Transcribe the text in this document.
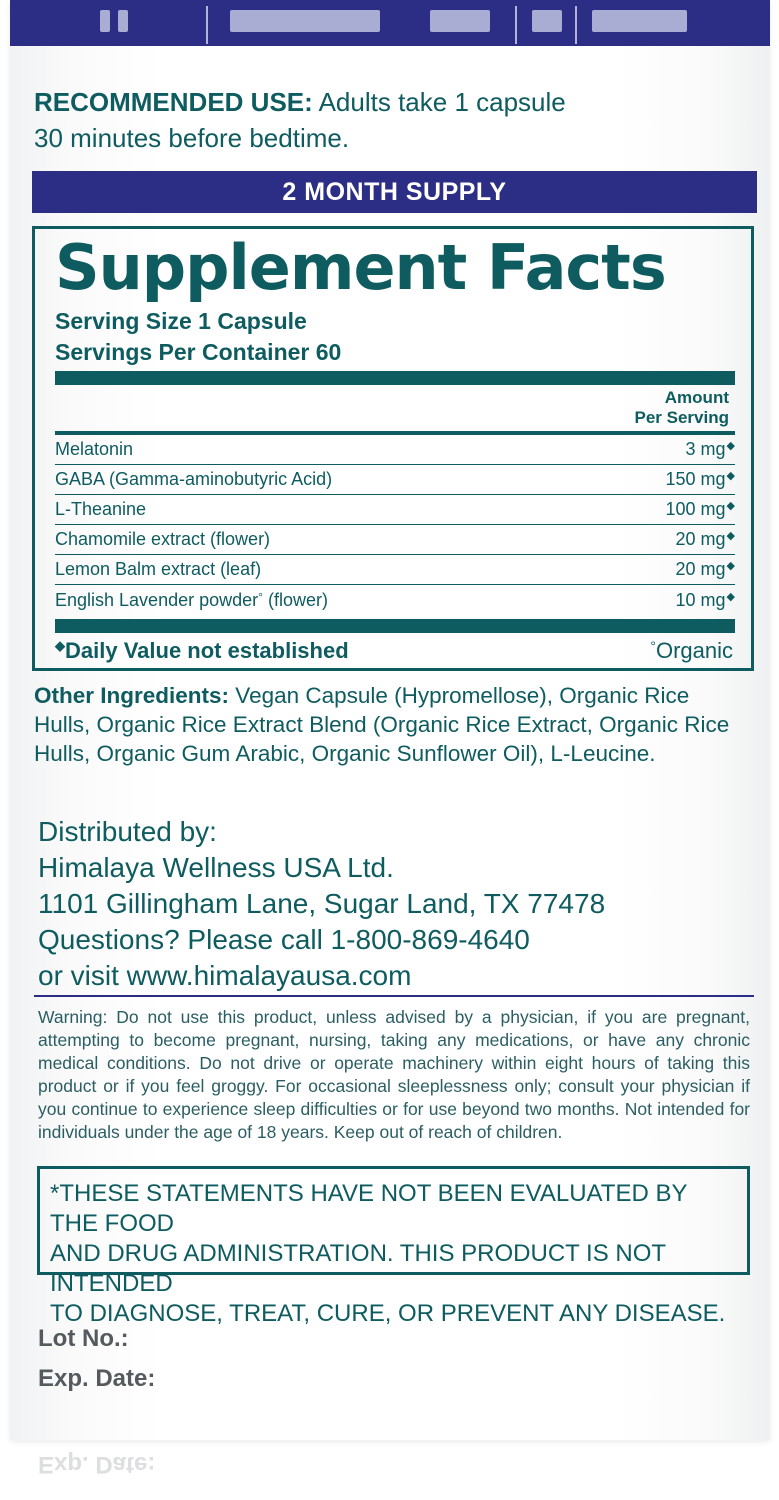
RECOMMENDED USE: Adults take 1 capsule
30 minutes before bedtime.
2 MONTH SUPPLY
Supplement Facts
Serving Size 1 Capsule
Servings Per Container 60
Amount
Per Serving
Melatonin	3 mg◆
GABA (Gamma-aminobutyric Acid)	150 mg◆
L-Theanine	100 mg◆
Chamomile extract (flower)	20 mg◆
Lemon Balm extract (leaf)	20 mg◆
English Lavender powder° (flower)	10 mg◆
◆Daily Value not established	°Organic
Other Ingredients: Vegan Capsule (Hypromellose), Organic Rice Hulls, Organic Rice Extract Blend (Organic Rice Extract, Organic Rice Hulls, Organic Gum Arabic, Organic Sunflower Oil), L-Leucine.
Distributed by:
Himalaya Wellness USA Ltd.
1101 Gillingham Lane, Sugar Land, TX 77478
Questions? Please call 1-800-869-4640
or visit www.himalayausa.com
Warning: Do not use this product, unless advised by a physician, if you are pregnant, attempting to become pregnant, nursing, taking any medications, or have any chronic medical conditions. Do not drive or operate machinery within eight hours of taking this product or if you feel groggy. For occasional sleeplessness only; consult your physician if you continue to experience sleep difficulties or for use beyond two months. Not intended for individuals under the age of 18 years. Keep out of reach of children.
*THESE STATEMENTS HAVE NOT BEEN EVALUATED BY THE FOOD
AND DRUG ADMINISTRATION. THIS PRODUCT IS NOT INTENDED
TO DIAGNOSE, TREAT, CURE, OR PREVENT ANY DISEASE.
Lot No.:
Exp. Date:
Exp. Date:
